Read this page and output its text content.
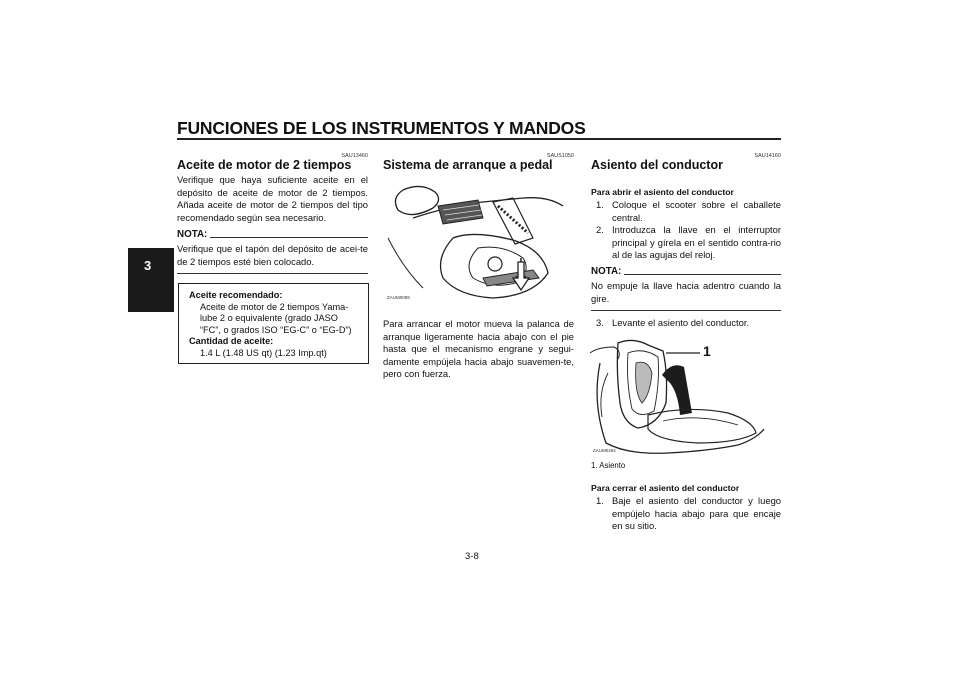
FUNCIONES DE LOS INSTRUMENTOS Y MANDOS
3
SAU13460
Aceite de motor de 2 tiempos
Verifique que haya suficiente aceite en el depósito de aceite de motor de 2 tiempos. Añada aceite de motor de 2 tiempos del tipo recomendado según sea necesario.
NOTA:
Verifique que el tapón del depósito de acei-te de 2 tiempos esté bien colocado.
Aceite recomendado:
Aceite de motor de 2 tiempos Yama-lube 2 o equivalente (grado JASO “FC”, o grados ISO “EG-C” o “EG-D”)
Cantidad de aceite:
1.4 L (1.48 US qt) (1.23 Imp.qt)
SAUS1050
Sistema de arranque a pedal
ZAUM0089
Para arrancar el motor mueva la palanca de arranque ligeramente hacia abajo con el pie hasta que el mecanismo engrane y segui-damente empújela hacia abajo suavemen-te, pero con fuerza.
SAU14160
Asiento del conductor
Para abrir el asiento del conductor
1. Coloque el scooter sobre el caballete central.
2. Introduzca la llave en el interruptor principal y gírela en el sentido contra-rio al de las agujas del reloj.
NOTA:
No empuje la llave hacia adentro cuando la gire.
3. Levante el asiento del conductor.
1
ZAUM0264
1. Asiento
Para cerrar el asiento del conductor
1. Baje el asiento del conductor y luego empújelo hacia abajo para que encaje en su sitio.
3-8
